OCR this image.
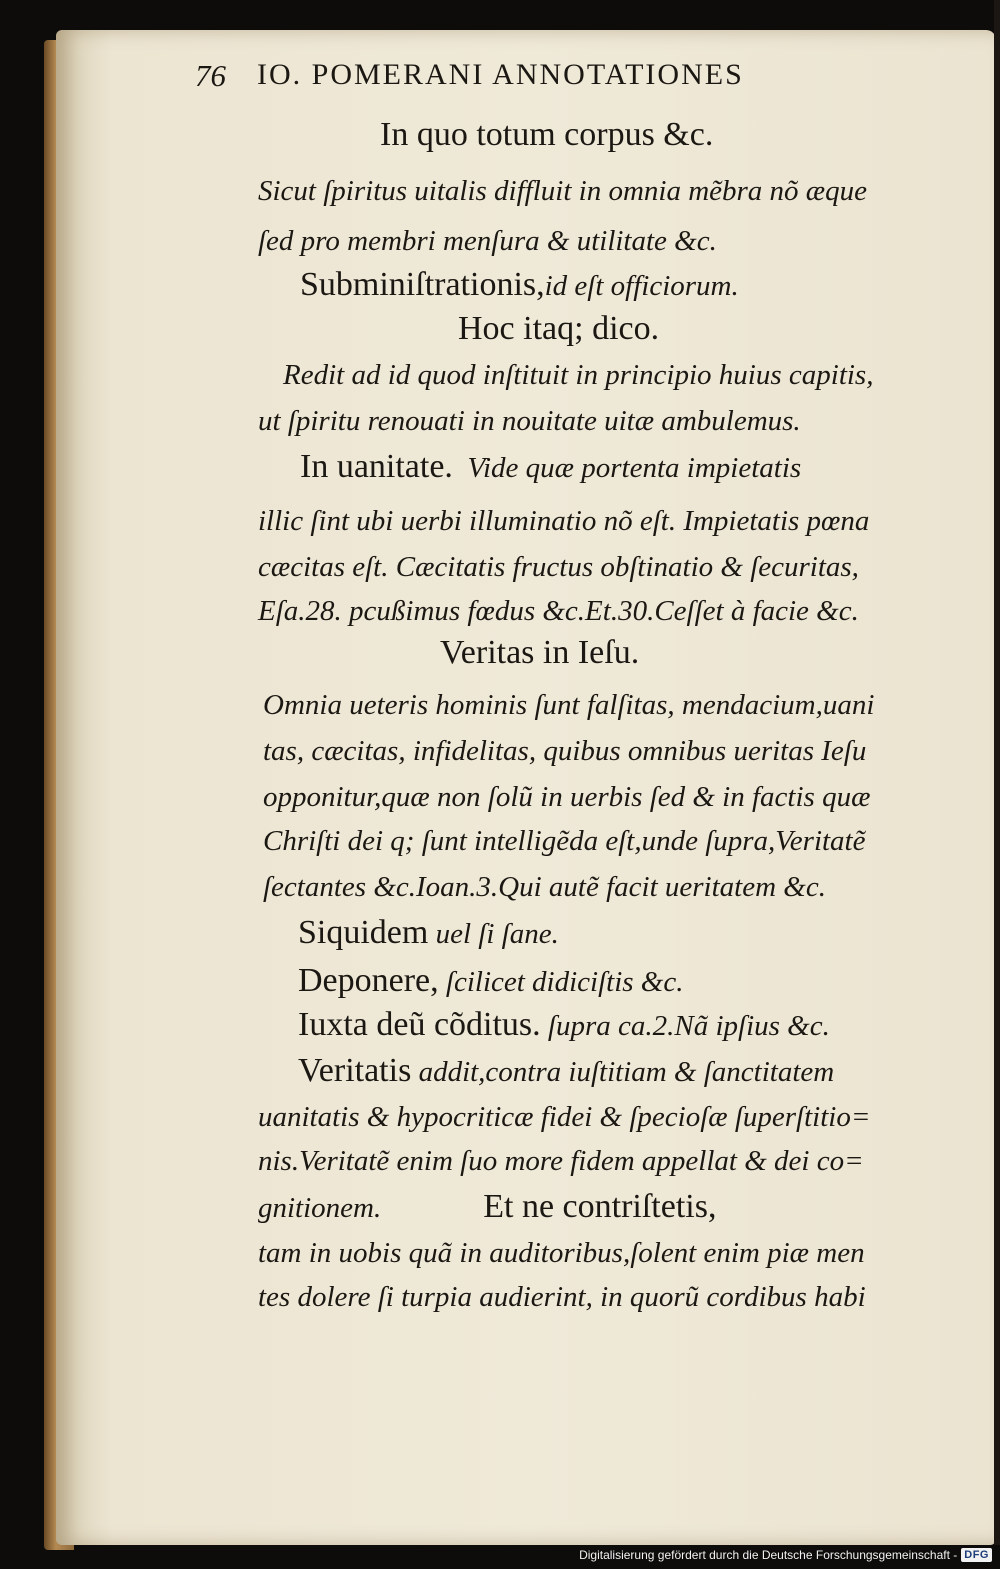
76 IO. POMERANI ANNOTATIONES
In quo totum corpus &c.
Sicut ſpiritus uitalis diffluit in omnia mẽbra nõ æque
ſed pro membri menſura & utilitate &c.
Subminiſtrationis,id eſt officiorum.
Hoc itaq; dico.
Redit ad id quod inſtituit in principio huius capitis,
ut ſpiritu renouati in nouitate uitæ ambulemus.
In uanitate.  Vide quæ portenta impietatis
illic ſint ubi uerbi illuminatio nõ eſt. Impietatis pœna
cæcitas eſt. Cæcitatis fructus obſtinatio & ſecuritas,
Eſa.28. pcußimus fœdus &c.Et.30.Ceſſet à facie &c.
Veritas in Ieſu.
Omnia ueteris hominis ſunt falſitas, mendacium,uani
tas, cæcitas, infidelitas, quibus omnibus ueritas Ieſu
opponitur,quæ non ſolũ in uerbis ſed & in factis quæ
Chriſti dei q; ſunt intelligẽda eſt,unde ſupra,Veritatẽ
ſectantes &c.Ioan.3.Qui autẽ facit ueritatem &c.
Siquidem uel ſi ſane.
Deponere, ſcilicet didiciſtis &c.
Iuxta deũ cõditus. ſupra ca.2.Nã ipſius &c.
Veritatis addit,contra iuſtitiam & ſanctitatem
uanitatis & hypocriticæ fidei & ſpecioſæ ſuperſtitio=
nis.Veritatẽ enim ſuo more fidem appellat & dei co=
gnitionem.            Et ne contriſtetis,
tam in uobis quã in auditoribus,ſolent enim piæ men
tes dolere ſi turpia audierint, in quorũ cordibus habi
Digitalisierung gefördert durch die Deutsche Forschungsgemeinschaft - DFG
